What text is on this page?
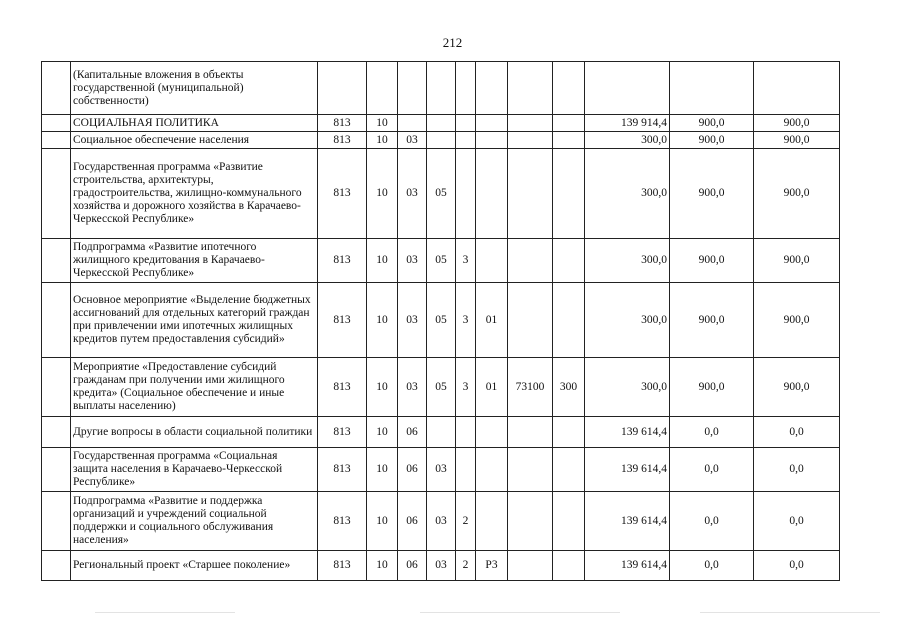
212
	(Капитальные вложения в объекты государственной (муниципальной) собственности)											
	СОЦИАЛЬНАЯ ПОЛИТИКА	813	10							139 914,4	900,0	900,0
	Социальное обеспечение населения	813	10	03						300,0	900,0	900,0
	Государственная программа «Развитие строительства, архитектуры, градостроительства, жилищно-коммунального хозяйства и дорожного хозяйства в Карачаево-Черкесской Республике»	813	10	03	05					300,0	900,0	900,0
	Подпрограмма «Развитие ипотечного жилищного кредитования в Карачаево-Черкесской Республике»	813	10	03	05	3				300,0	900,0	900,0
	Основное мероприятие «Выделение бюджетных ассигнований для отдельных категорий граждан при привлечении ими ипотечных жилищных кредитов путем предоставления субсидий»	813	10	03	05	3	01			300,0	900,0	900,0
	Мероприятие «Предоставление субсидий гражданам при получении ими жилищного кредита» (Социальное обеспечение и иные выплаты населению)	813	10	03	05	3	01	73100	300	300,0	900,0	900,0
	Другие вопросы в области социальной политики	813	10	06						139 614,4	0,0	0,0
	Государственная программа «Социальная защита населения в Карачаево-Черкесской Республике»	813	10	06	03					139 614,4	0,0	0,0
	Подпрограмма «Развитие и поддержка организаций и учреждений социальной поддержки и социального обслуживания населения»	813	10	06	03	2				139 614,4	0,0	0,0
	Региональный проект «Старшее поколение»	813	10	06	03	2	P3			139 614,4	0,0	0,0
